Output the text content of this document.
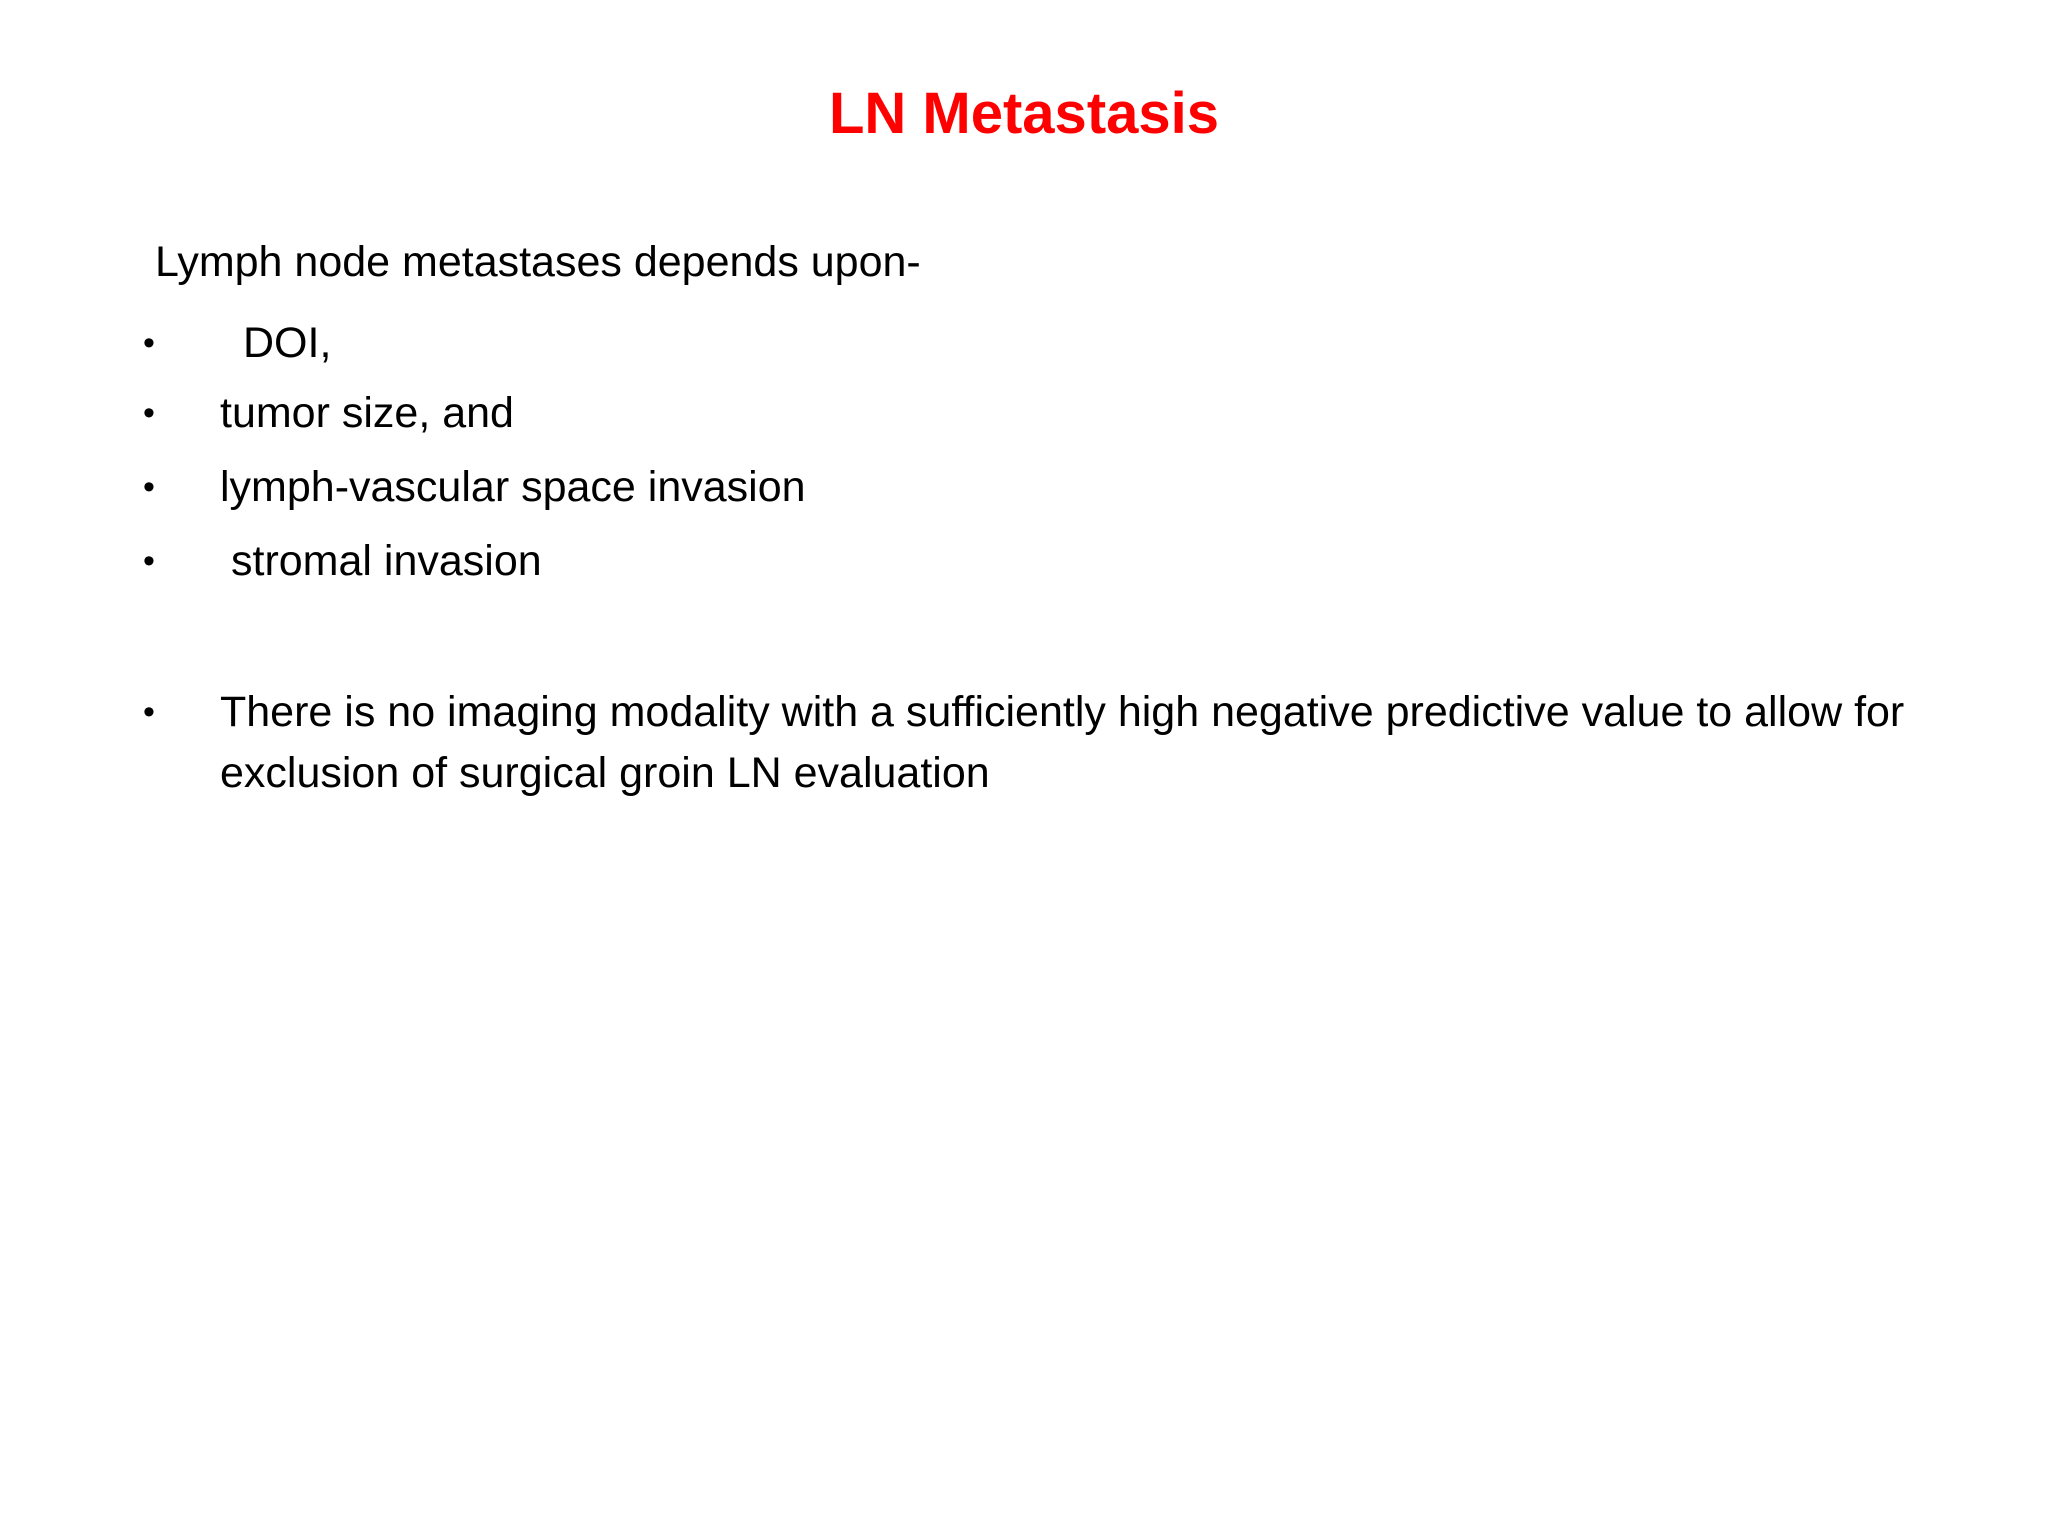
LN Metastasis
Lymph node metastases depends upon-
• DOI,
• tumor size, and
• lymph-vascular space invasion
• stromal invasion
• There is no imaging modality with a sufficiently high negative predictive value to allow for exclusion of surgical groin LN evaluation
